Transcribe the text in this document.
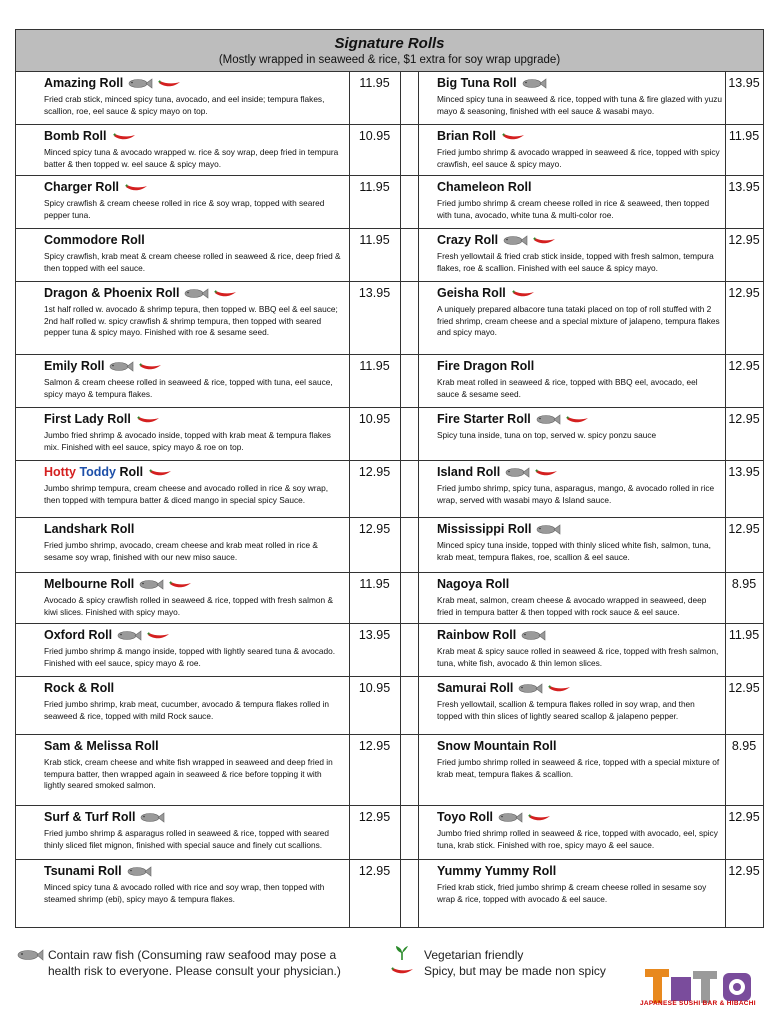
Signature Rolls
(Mostly wrapped in seaweed & rice, $1 extra for soy wrap upgrade)
Amazing Roll
Fried crab stick, minced spicy tuna, avocado, and eel inside; tempura flakes, scallion, roe, eel sauce & spicy mayo on top.
11.95
Bomb Roll
Minced spicy tuna & avocado wrapped w. rice & soy wrap, deep fried in tempura batter & then topped w. eel sauce & spicy mayo.
10.95
Charger Roll
Spicy crawfish & cream cheese rolled in rice & soy wrap, topped with seared pepper tuna.
11.95
Commodore Roll
Spicy crawfish, krab meat & cream cheese rolled in seaweed & rice, deep fried & then topped with eel sauce.
11.95
Dragon & Phoenix Roll
1st half rolled w. avocado & shrimp tepura, then topped w. BBQ eel & eel sauce; 2nd half rolled w. spicy crawfish & shrimp tempura, then topped with seared pepper tuna & spicy mayo. Finished with roe & sesame seed.
13.95
Emily Roll
Salmon & cream cheese rolled in seaweed & rice, topped with tuna, eel sauce, spicy mayo & tempura flakes.
11.95
First Lady Roll
Jumbo fried shrimp & avocado inside, topped with krab meat & tempura flakes mix. Finished with eel sauce, spicy mayo & roe on top.
10.95
Hotty Toddy Roll
Jumbo shrimp tempura, cream cheese and avocado rolled in rice & soy wrap, then topped with tempura batter & diced mango in special spicy Sauce.
12.95
Landshark Roll
Fried jumbo shrimp, avocado, cream cheese and krab meat rolled in rice & sesame soy wrap, finished with our new miso sauce.
12.95
Melbourne Roll
Avocado & spicy crawfish rolled in seaweed & rice, topped with fresh salmon & kiwi slices. Finished with spicy mayo.
11.95
Oxford Roll
Fried jumbo shrimp & mango inside, topped with lightly seared tuna & avocado. Finished with eel sauce, spicy mayo & roe.
13.95
Rock & Roll
Fried jumbo shrimp, krab meat, cucumber, avocado & tempura flakes rolled in seaweed & rice, topped with mild Rock sauce.
10.95
Sam & Melissa Roll
Krab stick, cream cheese and white fish wrapped in seaweed and deep fried in tempura batter, then wrapped again in seaweed & rice before topping it with lightly seared smoked salmon.
12.95
Surf & Turf Roll
Fried jumbo shrimp & asparagus rolled in seaweed & rice, topped with seared thinly sliced filet mignon, finished with special sauce and finely cut scallions.
12.95
Tsunami Roll
Minced spicy tuna & avocado rolled with rice and soy wrap, then topped with steamed shrimp (ebi), spicy mayo & tempura flakes.
12.95
Big Tuna Roll
Minced spicy tuna in seaweed & rice, topped with tuna & fire glazed with yuzu mayo & seasoning, finished with eel sauce & wasabi mayo.
13.95
Brian Roll
Fried jumbo shrimp & avocado wrapped in seaweed & rice, topped with spicy crawfish, eel sauce & spicy mayo.
11.95
Chameleon Roll
Fried jumbo shrimp & cream cheese rolled in rice & seaweed, then topped with tuna, avocado, white tuna & multi-color roe.
13.95
Crazy Roll
Fresh yellowtail & fried crab stick inside, topped with fresh salmon, tempura flakes, roe & scallion. Finished with eel sauce & spicy mayo.
12.95
Geisha Roll
A uniquely prepared albacore tuna tataki placed on top of roll stuffed with 2 fried shrimp, cream cheese and a special mixture of jalapeno, tempura flakes and spicy mayo.
12.95
Fire Dragon Roll
Krab meat rolled in seaweed & rice, topped with BBQ eel, avocado, eel sauce & sesame seed.
12.95
Fire Starter Roll
Spicy tuna inside, tuna on top, served w. spicy ponzu sauce
12.95
Island Roll
Fried jumbo shrimp, spicy tuna, asparagus, mango, & avocado rolled in rice wrap, served with wasabi mayo & Island sauce.
13.95
Mississippi Roll
Minced spicy tuna inside, topped with thinly sliced white fish, salmon, tuna, krab meat, tempura flakes, roe, scallion & eel sauce.
12.95
Nagoya Roll
Krab meat, salmon, cream cheese & avocado wrapped in seaweed, deep fried in tempura batter & then topped with rock sauce & eel sauce.
8.95
Rainbow Roll
Krab meat & spicy sauce rolled in seaweed & rice, topped with fresh salmon, tuna, white fish, avocado & thin lemon slices.
11.95
Samurai Roll
Fresh yellowtail, scallion & tempura flakes rolled in soy wrap, and then topped with thin slices of lightly seared scallop & jalapeno pepper.
12.95
Snow Mountain Roll
Fried jumbo shrimp rolled in seaweed & rice, topped with a special mixture of krab meat, tempura flakes & scallion.
8.95
Toyo Roll
Jumbo fried shrimp rolled in seaweed & rice, topped with avocado, eel, spicy tuna, krab stick. Finished with roe, spicy mayo & eel sauce.
12.95
Yummy Yummy Roll
Fried krab stick, fried jumbo shrimp & cream cheese rolled in sesame soy wrap & rice, topped with avocado & eel sauce.
12.95
Contain raw fish (Consuming raw seafood may pose a
health risk to everyone. Please consult your physician.)
Vegetarian friendly
Spicy, but may be made non spicy
JAPANESE SUSHI BAR & HIBACHI
